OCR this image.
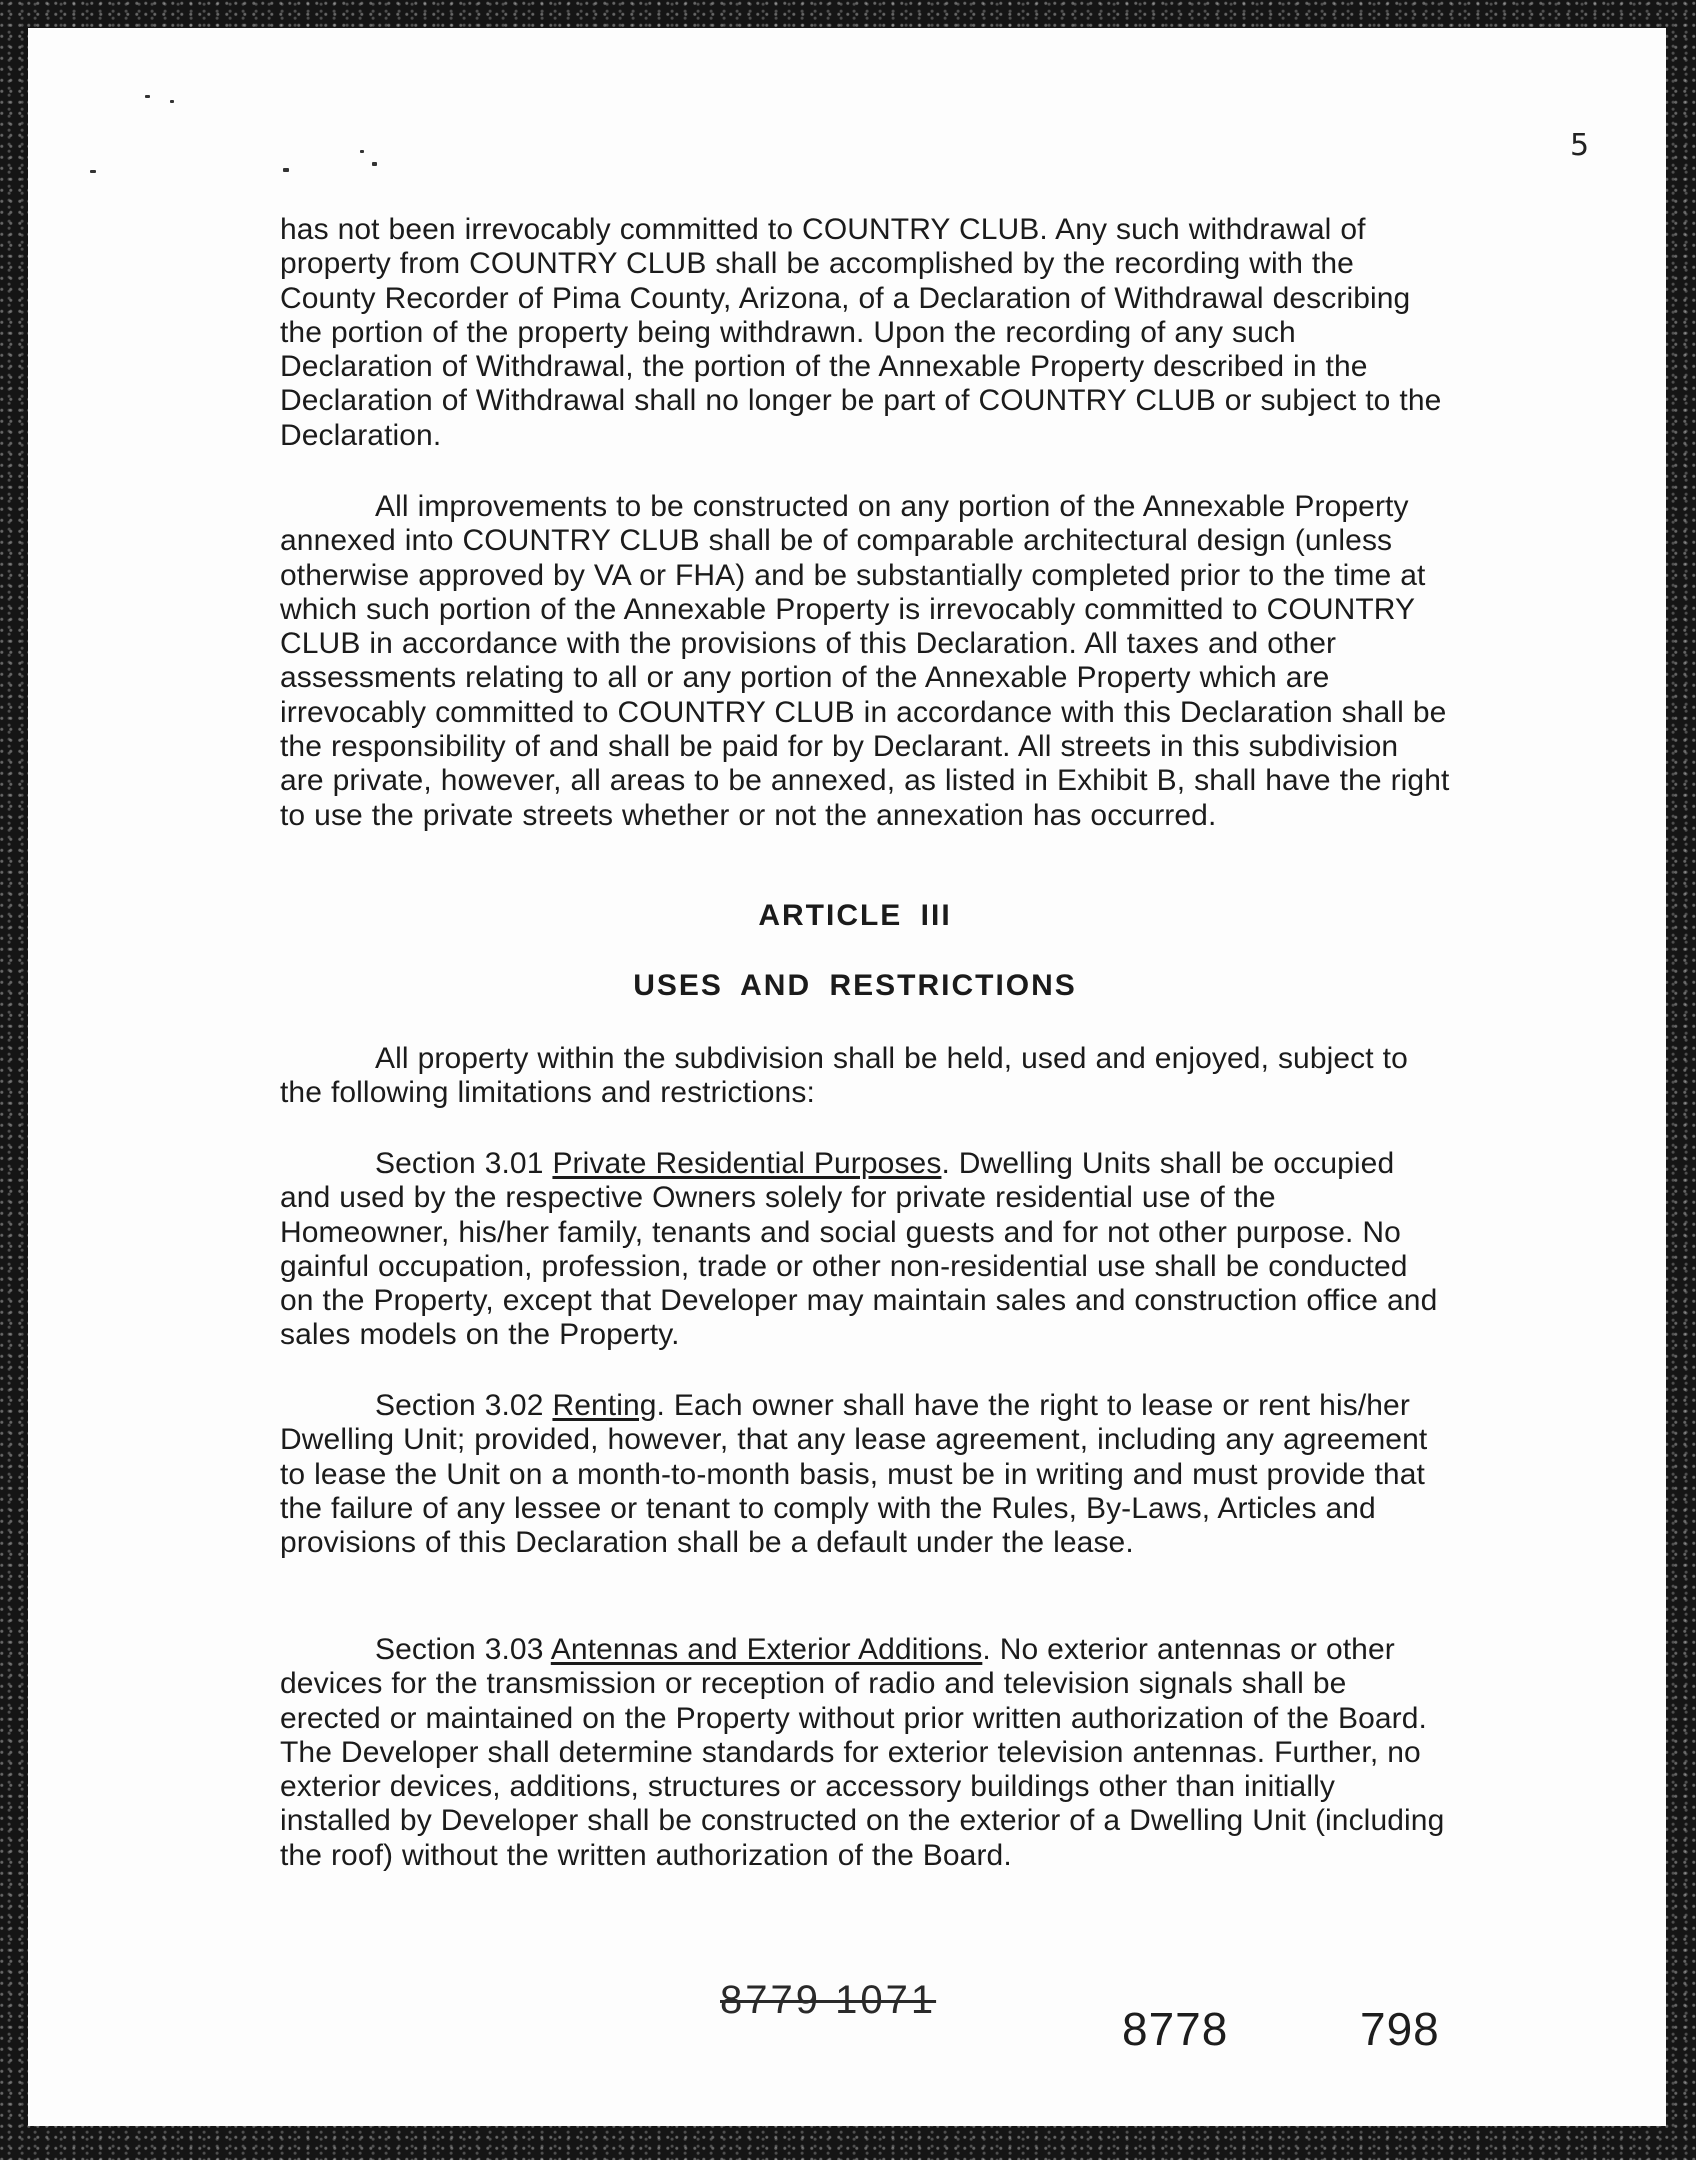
5

has not been irrevocably committed to COUNTRY CLUB. Any such withdrawal of property from COUNTRY CLUB shall be accomplished by the recording with the County Recorder of Pima County, Arizona, of a Declaration of Withdrawal describing the portion of the property being withdrawn. Upon the recording of any such Declaration of Withdrawal, the portion of the Annexable Property described in the Declaration of Withdrawal shall no longer be part of COUNTRY CLUB or subject to the Declaration.

All improvements to be constructed on any portion of the Annexable Property annexed into COUNTRY CLUB shall be of comparable architectural design (unless otherwise approved by VA or FHA) and be substantially completed prior to the time at which such portion of the Annexable Property is irrevocably committed to COUNTRY CLUB in accordance with the provisions of this Declaration. All taxes and other assessments relating to all or any portion of the Annexable Property which are irrevocably committed to COUNTRY CLUB in accordance with this Declaration shall be the responsibility of and shall be paid for by Declarant. All streets in this subdivision are private, however, all areas to be annexed, as listed in Exhibit B, shall have the right to use the private streets whether or not the annexation has occurred.

ARTICLE III
USES AND RESTRICTIONS

All property within the subdivision shall be held, used and enjoyed, subject to the following limitations and restrictions:

Section 3.01 Private Residential Purposes. Dwelling Units shall be occupied and used by the respective Owners solely for private residential use of the Homeowner, his/her family, tenants and social guests and for not other purpose. No gainful occupation, profession, trade or other non-residential use shall be conducted on the Property, except that Developer may maintain sales and construction office and sales models on the Property.

Section 3.02 Renting. Each owner shall have the right to lease or rent his/her Dwelling Unit; provided, however, that any lease agreement, including any agreement to lease the Unit on a month-to-month basis, must be in writing and must provide that the failure of any lessee or tenant to comply with the Rules, By-Laws, Articles and provisions of this Declaration shall be a default under the lease.

Section 3.03 Antennas and Exterior Additions. No exterior antennas or other devices for the transmission or reception of radio and television signals shall be erected or maintained on the Property without prior written authorization of the Board. The Developer shall determine standards for exterior television antennas. Further, no exterior devices, additions, structures or accessory buildings other than initially installed by Developer shall be constructed on the exterior of a Dwelling Unit (including the roof) without the written authorization of the Board.

8779 1071
8778	798
